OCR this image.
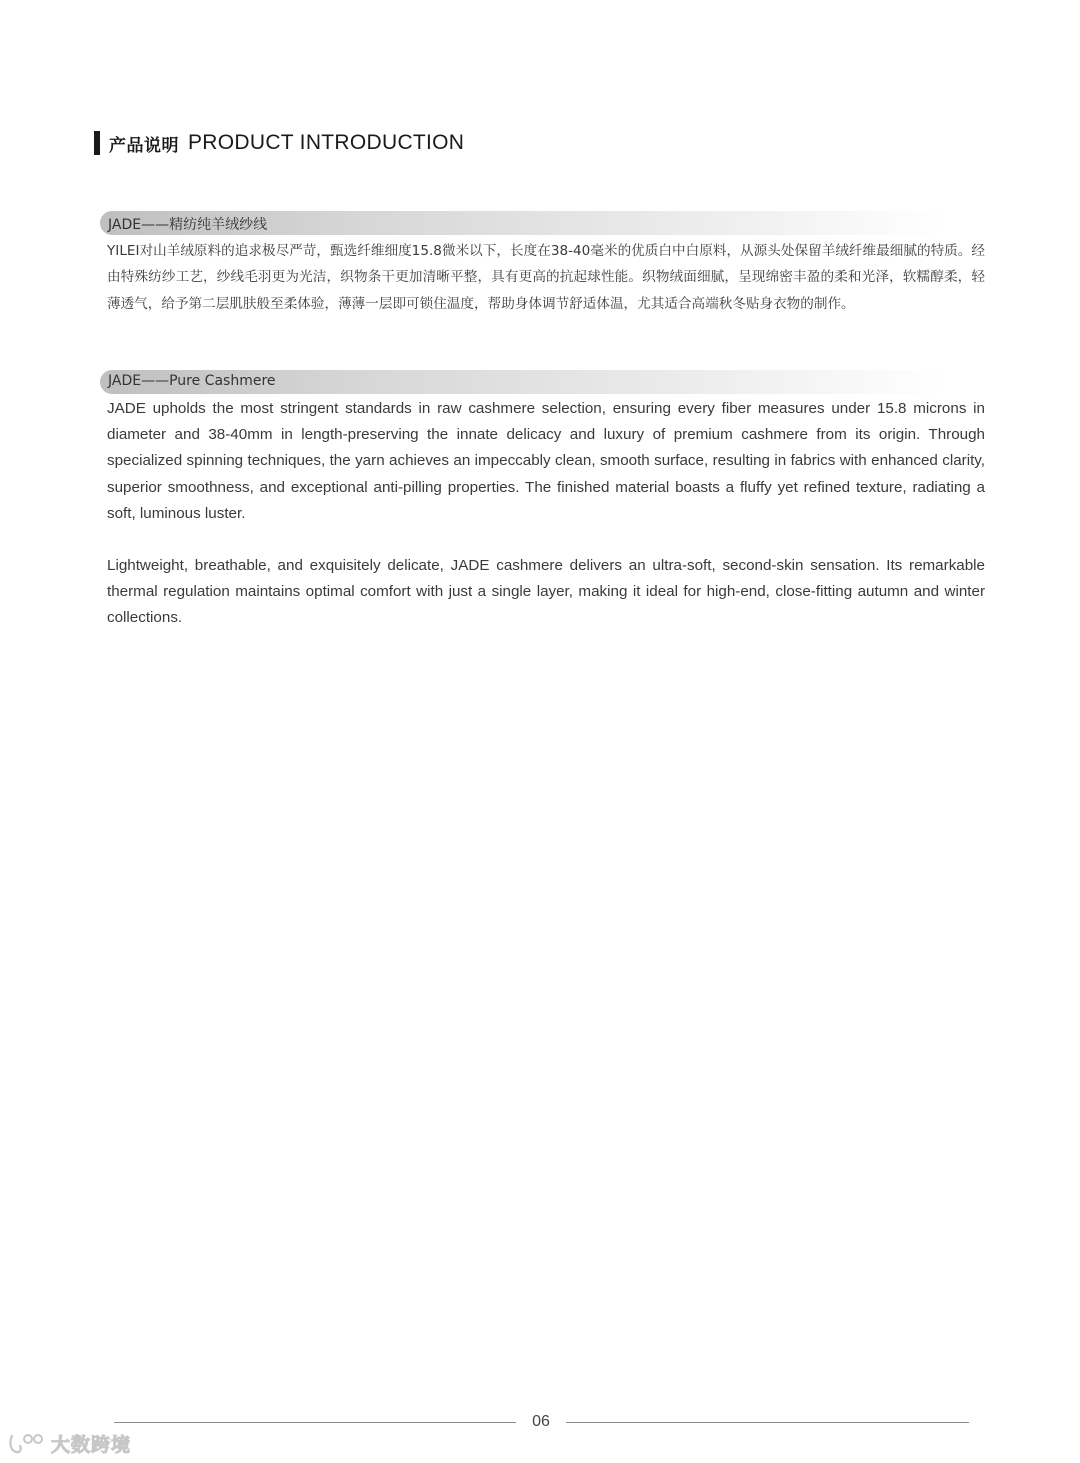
产品说明 PRODUCT INTRODUCTION
JADE——精纺纯羊绒纱线

YILEI对山羊绒原料的追求极尽严苛，甄选纤维细度15.8微米以下，长度在38-40毫米的优质白中白原料，从源头处保留羊绒纤维最细腻的特质。经由特殊纺纱工艺，纱线毛羽更为光洁，织物条干更加清晰平整，具有更高的抗起球性能。织物绒面细腻，呈现绵密丰盈的柔和光泽，软糯醇柔，轻薄透气，给予第二层肌肤般至柔体验，薄薄一层即可锁住温度，帮助身体调节舒适体温，尤其适合高端秋冬贴身衣物的制作。

JADE——Pure Cashmere

JADE upholds the most stringent standards in raw cashmere selection, ensuring every fiber measures under 15.8 microns in diameter and 38-40mm in length-preserving the innate delicacy and luxury of premium cashmere from its origin. Through specialized spinning techniques, the yarn achieves an impeccably clean, smooth surface, resulting in fabrics with enhanced clarity, superior smoothness, and exceptional anti-pilling properties. The finished material boasts a fluffy yet refined texture, radiating a soft, luminous luster.

Lightweight, breathable, and exquisitely delicate, JADE cashmere delivers an ultra-soft, second-skin sensation. Its remarkable thermal regulation maintains optimal comfort with just a single layer, making it ideal for high-end, close-fitting autumn and winter collections.

06
大数跨境
